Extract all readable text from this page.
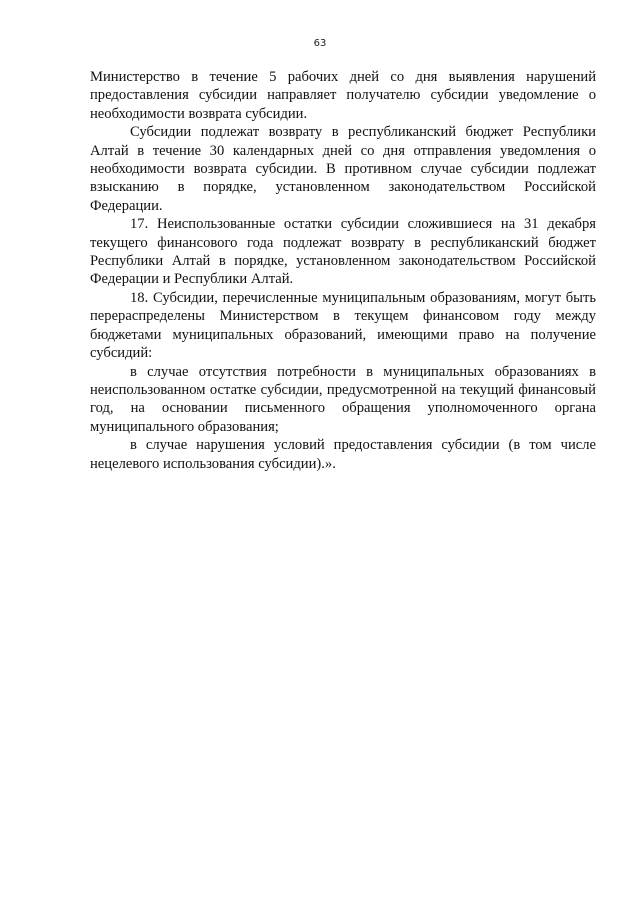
63

Министерство в течение 5 рабочих дней со дня выявления нарушений предоставления субсидии направляет получателю субсидии уведомление о необходимости возврата субсидии.

Субсидии подлежат возврату в республиканский бюджет Республики Алтай в течение 30 календарных дней со дня отправления уведомления о необходимости возврата субсидии. В противном случае субсидии подлежат взысканию в порядке, установленном законодательством Российской Федерации.

17. Неиспользованные остатки субсидии сложившиеся на 31 декабря текущего финансового года подлежат возврату в республиканский бюджет Республики Алтай в порядке, установленном законодательством Российской Федерации и Республики Алтай.

18. Субсидии, перечисленные муниципальным образованиям, могут быть перераспределены Министерством в текущем финансовом году между бюджетами муниципальных образований, имеющими право на получение субсидий:

в случае отсутствия потребности в муниципальных образованиях в неиспользованном остатке субсидии, предусмотренной на текущий финансовый год, на основании письменного обращения уполномоченного органа муниципального образования;

в случае нарушения условий предоставления субсидии (в том числе нецелевого использования субсидии).».
